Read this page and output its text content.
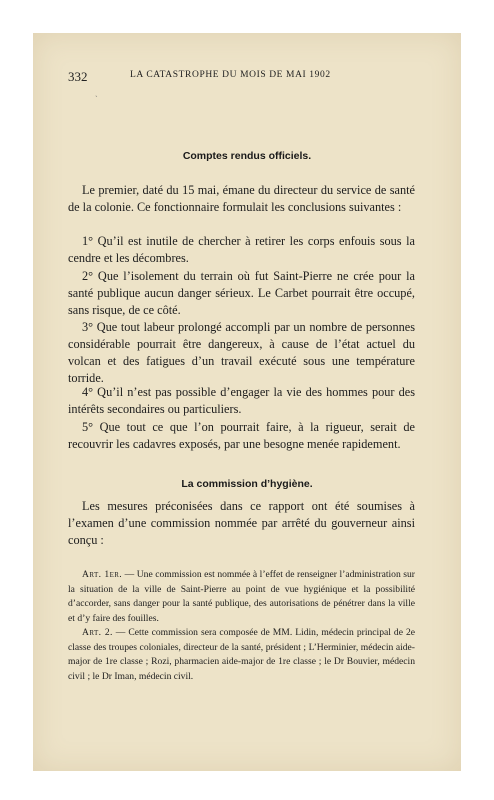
332	LA CATASTROPHE DU MOIS DE MAI 1902
ˎ
Comptes rendus officiels.

Le premier, daté du 15 mai, émane du directeur du service de santé de la colonie. Ce fonctionnaire formulait les conclusions suivantes :

1° Qu’il est inutile de chercher à retirer les corps enfouis sous la cendre et les décombres.

2° Que l’isolement du terrain où fut Saint-Pierre ne crée pour la santé publique aucun danger sérieux. Le Carbet pourrait être occupé, sans risque, de ce côté.

3° Que tout labeur prolongé accompli par un nombre de personnes considérable pourrait être dangereux, à cause de l’état actuel du volcan et des fatigues d’un travail exécuté sous une température torride.

4° Qu’il n’est pas possible d’engager la vie des hommes pour des intérêts secondaires ou particuliers.

5° Que tout ce que l’on pourrait faire, à la rigueur, serait de recouvrir les cadavres exposés, par une besogne menée rapidement.

La commission d’hygiène.

Les mesures préconisées dans ce rapport ont été soumises à l’examen d’une commission nommée par arrêté du gouverneur ainsi conçu :

Art. 1er. — Une commission est nommée à l’effet de renseigner l’administration sur la situation de la ville de Saint-Pierre au point de vue hygiénique et la possibilité d’accorder, sans danger pour la santé publique, des autorisations de pénétrer dans la ville et d’y faire des fouilles.

Art. 2. — Cette commission sera composée de MM. Lidin, médecin principal de 2e classe des troupes coloniales, directeur de la santé, président ; L’Herminier, médecin aide-major de 1re classe ; Rozi, pharmacien aide-major de 1re classe ; le Dr Bouvier, médecin civil ; le Dr Iman, médecin civil.
